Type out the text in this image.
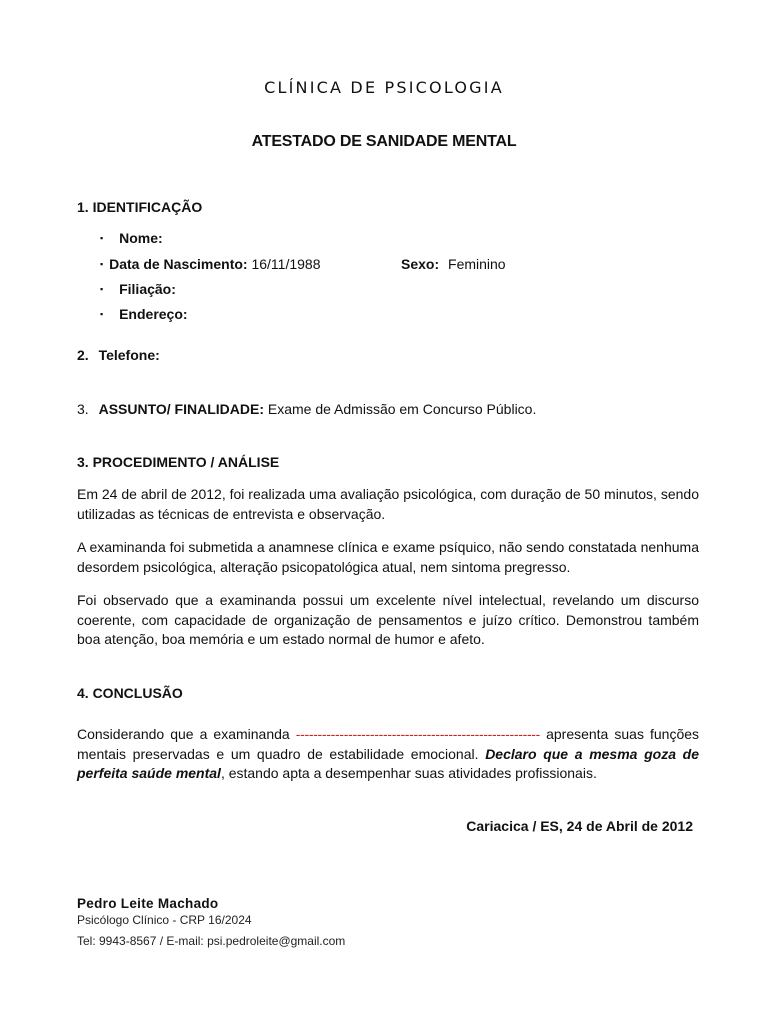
CLÍNICA DE PSICOLOGIA
ATESTADO DE SANIDADE MENTAL
1. IDENTIFICAÇÃO
▪ Nome:
▪ Data de Nascimento: 16/11/1988	Sexo: Feminino
▪ Filiação:
▪ Endereço:
2. Telefone:
3. ASSUNTO/ FINALIDADE: Exame de Admissão em Concurso Público.
3. PROCEDIMENTO / ANÁLISE
Em 24 de abril de 2012, foi realizada uma avaliação psicológica, com duração de 50 minutos, sendo utilizadas as técnicas de entrevista e observação.
A examinanda foi submetida a anamnese clínica e exame psíquico, não sendo constatada nenhuma desordem psicológica, alteração psicopatológica atual, nem sintoma pregresso.
Foi observado que a examinanda possui um excelente nível intelectual, revelando um discurso coerente, com capacidade de organização de pensamentos e juízo crítico. Demonstrou também boa atenção, boa memória e um estado normal de humor e afeto.
4. CONCLUSÃO
Considerando que a examinanda -------------------------------------------------------- apresenta suas funções mentais preservadas e um quadro de estabilidade emocional. Declaro que a mesma goza de perfeita saúde mental, estando apta a desempenhar suas atividades profissionais.
Cariacica / ES, 24 de Abril de 2012
Pedro Leite Machado
Psicólogo Clínico - CRP 16/2024
Tel: 9943-8567 / E-mail: psi.pedroleite@gmail.com
